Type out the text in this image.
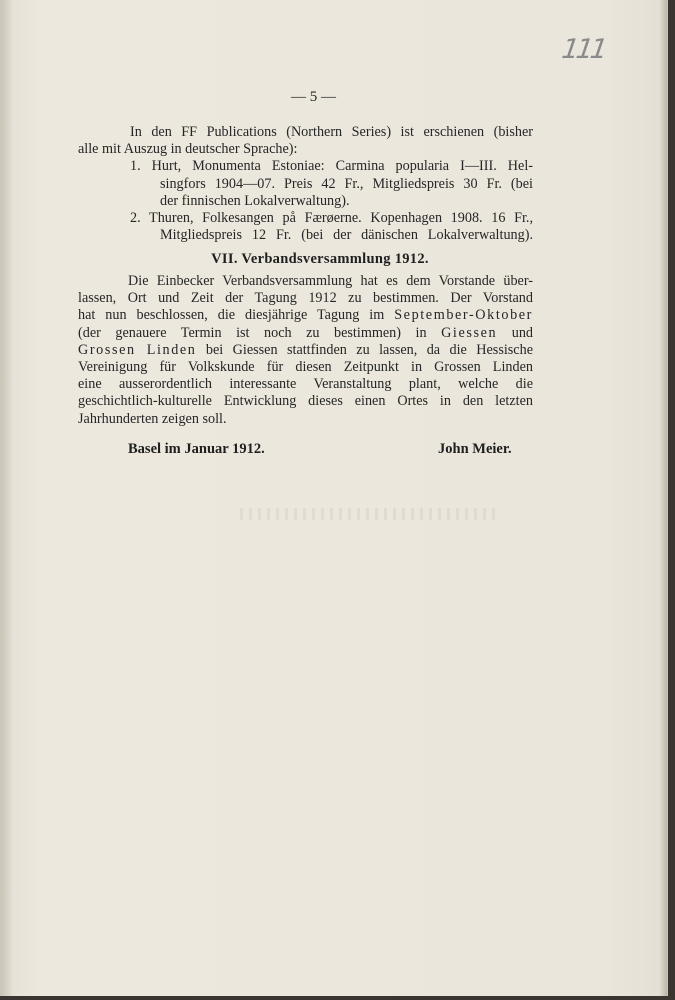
111
— 5 —
In den FF Publications (Northern Series) ist erschienen (bisher
alle mit Auszug in deutscher Sprache):
1. Hurt, Monumenta Estoniae: Carmina popularia I—III. Hel-
singfors 1904—07. Preis 42 Fr., Mitgliedspreis 30 Fr. (bei
der finnischen Lokalverwaltung).
2. Thuren, Folkesangen på Færøerne. Kopenhagen 1908. 16 Fr.,
Mitgliedspreis 12 Fr. (bei der dänischen Lokalverwaltung).
VII. Verbandsversammlung 1912.
Die Einbecker Verbandsversammlung hat es dem Vorstande über-
lassen, Ort und Zeit der Tagung 1912 zu bestimmen. Der Vorstand
hat nun beschlossen, die diesjährige Tagung im September-Oktober
(der genauere Termin ist noch zu bestimmen) in Giessen und
Grossen Linden bei Giessen stattfinden zu lassen, da die Hessische
Vereinigung für Volkskunde für diesen Zeitpunkt in Grossen Linden
eine ausserordentlich interessante Veranstaltung plant, welche die
geschichtlich-kulturelle Entwicklung dieses einen Ortes in den letzten
Jahrhunderten zeigen soll.
Basel im Januar 1912.	John Meier.
